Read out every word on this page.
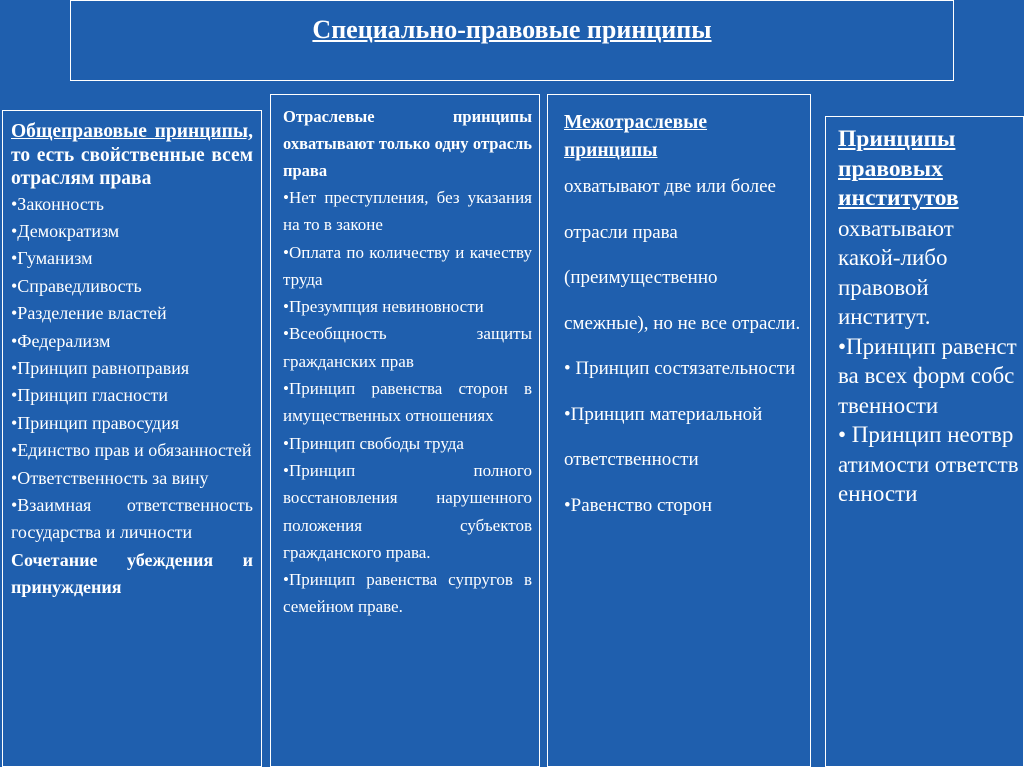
Специально-правовые принципы
Общеправовые принципы, то есть свойственные всем отраслям права
•Законность
•Демократизм
•Гуманизм
•Справедливость
•Разделение властей
•Федерализм
•Принцип равноправия
•Принцип гласности
•Принцип правосудия
•Единство прав и обязанностей
•Ответственность за вину
•Взаимная ответственность государства и личности
Сочетание убеждения и принуждения
Отраслевые принципы охватывают только одну отрасль права
•Нет преступления, без указания на то в законе
•Оплата по количеству и качеству труда
•Презумпция невиновности
•Всеобщность защиты гражданских прав
•Принцип равенства сторон в имущественных отношениях
•Принцип свободы труда
•Принцип полного восстановления нарушенного положения субъектов гражданского права.
•Принцип равенства супругов в семейном праве.
Межотраслевые принципы
охватывают две или более отрасли права (преимущественно смежные), но не все отрасли.
• Принцип состязательности
•Принцип материальной ответственности
•Равенство сторон
Принципы правовых институтов
охватывают какой-либо правовой институт.
•Принцип равенства всех форм собственности
• Принцип неотвратимости ответственности
